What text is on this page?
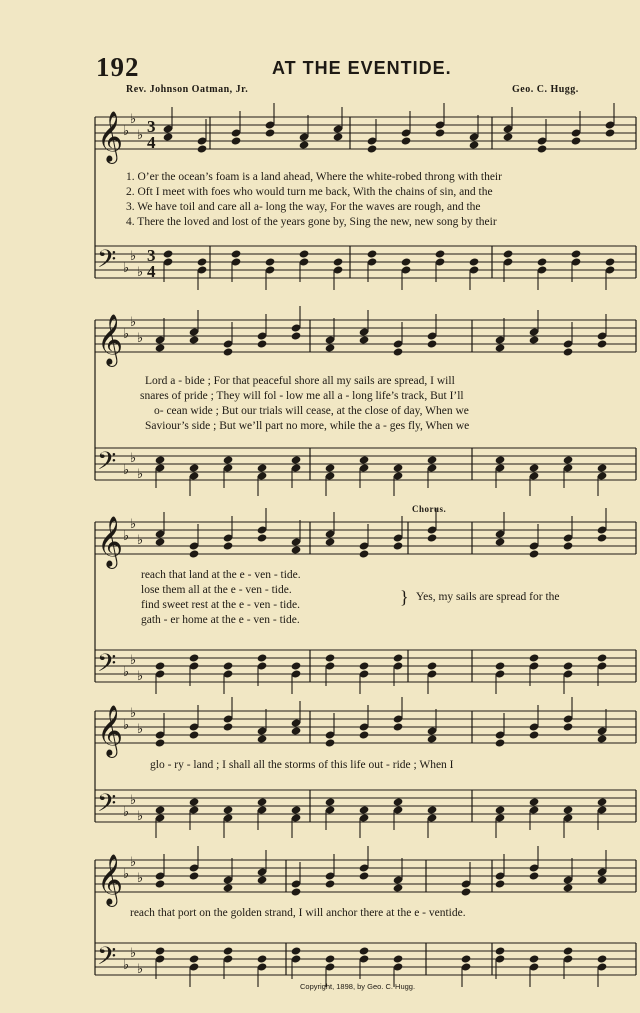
192	AT THE EVENTIDE.
Rev. Johnson Oatman, Jr.	Geo. C. Hugg.
𝄞 ♭
♭
♭ 3
4
𝄢 ♭
♭
♭
3
4
𝄞 ♭
♭
♭
𝄢 ♭
♭
♭
𝄞 ♭
♭
♭
𝄢 ♭
♭
♭
𝄞 ♭
♭
♭
𝄢 ♭
♭
♭
𝄞 ♭
♭
♭
𝄢 ♭
♭
♭
1. O’er the ocean’s foam is a land ahead, Where the white-robed throng with their
2. Oft I meet with foes who would turn me back, With the chains of sin, and the
3. We have toil and care all a- long the way, For the waves are rough, and the
4. There the loved and lost of the years gone by, Sing the new, new song by their
Lord a - bide ; For that peaceful shore all my sails are spread, I will
snares of pride ; They will fol - low me all a - long life’s track, But I’ll
o- cean wide ; But our trials will cease, at the close of day, When we
Saviour’s side ; But we’ll part no more, while the a - ges fly, When we
Chorus.
reach that land at the e - ven - tide.
lose them all at the e - ven - tide.
find sweet rest at the e - ven - tide.
gath - er home at the e - ven - tide.
} Yes, my sails are spread for the
glo - ry - land ; I shall all the storms of this life out - ride ; When I
reach that port on the golden strand, I will anchor there at the e - ventide.
Copyright, 1898, by Geo. C. Hugg.
